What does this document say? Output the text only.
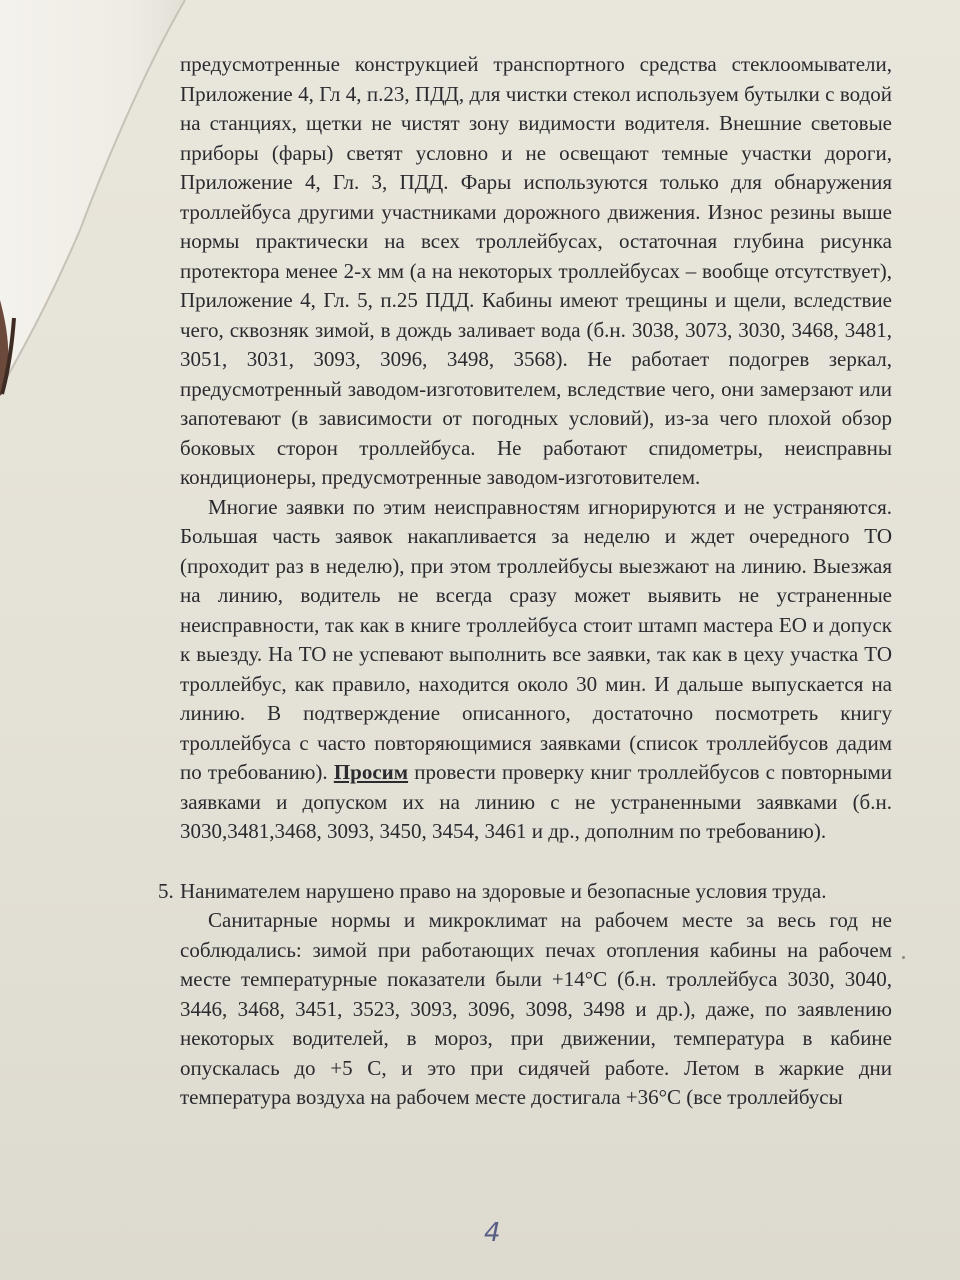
предусмотренные конструкцией транспортного средства стеклоомыватели, Приложение 4, Гл 4, п.23, ПДД, для чистки стекол используем бутылки с водой на станциях, щетки не чистят зону видимости водителя. Внешние световые приборы (фары) светят условно и не освещают темные участки дороги, Приложение 4, Гл. 3, ПДД. Фары используются только для обнаружения троллейбуса другими участниками дорожного движения. Износ резины выше нормы практически на всех троллейбусах, остаточная глубина рисунка протектора менее 2-х мм (а на некоторых троллейбусах – вообще отсутствует), Приложение 4, Гл. 5, п.25 ПДД. Кабины имеют трещины и щели, вследствие чего, сквозняк зимой, в дождь заливает вода (б.н. 3038, 3073, 3030, 3468, 3481, 3051, 3031, 3093, 3096, 3498, 3568). Не работает подогрев зеркал, предусмотренный заводом-изготовителем, вследствие чего, они замерзают или запотевают (в зависимости от погодных условий), из-за чего плохой обзор боковых сторон троллейбуса. Не работают спидометры, неисправны кондиционеры, предусмотренные заводом-изготовителем.

Многие заявки по этим неисправностям игнорируются и не устраняются. Большая часть заявок накапливается за неделю и ждет очередного ТО (проходит раз в неделю), при этом троллейбусы выезжают на линию. Выезжая на линию, водитель не всегда сразу может выявить не устраненные неисправности, так как в книге троллейбуса стоит штамп мастера ЕО и допуск к выезду. На ТО не успевают выполнить все заявки, так как в цеху участка ТО троллейбус, как правило, находится около 30 мин. И дальше выпускается на линию. В подтверждение описанного, достаточно посмотреть книгу троллейбуса с часто повторяющимися заявками (список троллейбусов дадим по требованию). Просим провести проверку книг троллейбусов с повторными заявками и допуском их на линию с не устраненными заявками (б.н. 3030,3481,3468, 3093, 3450, 3454, 3461 и др., дополним по требованию).

5. Нанимателем нарушено право на здоровые и безопасные условия труда.

Санитарные нормы и микроклимат на рабочем месте за весь год не соблюдались: зимой при работающих печах отопления кабины на рабочем месте температурные показатели были +14°С (б.н. троллейбуса 3030, 3040, 3446, 3468, 3451, 3523, 3093, 3096, 3098, 3498 и др.), даже, по заявлению некоторых водителей, в мороз, при движении, температура в кабине опускалась до +5 С, и это при сидячей работе. Летом в жаркие дни температура воздуха на рабочем месте достигала +36°С (все троллейбусы

4
